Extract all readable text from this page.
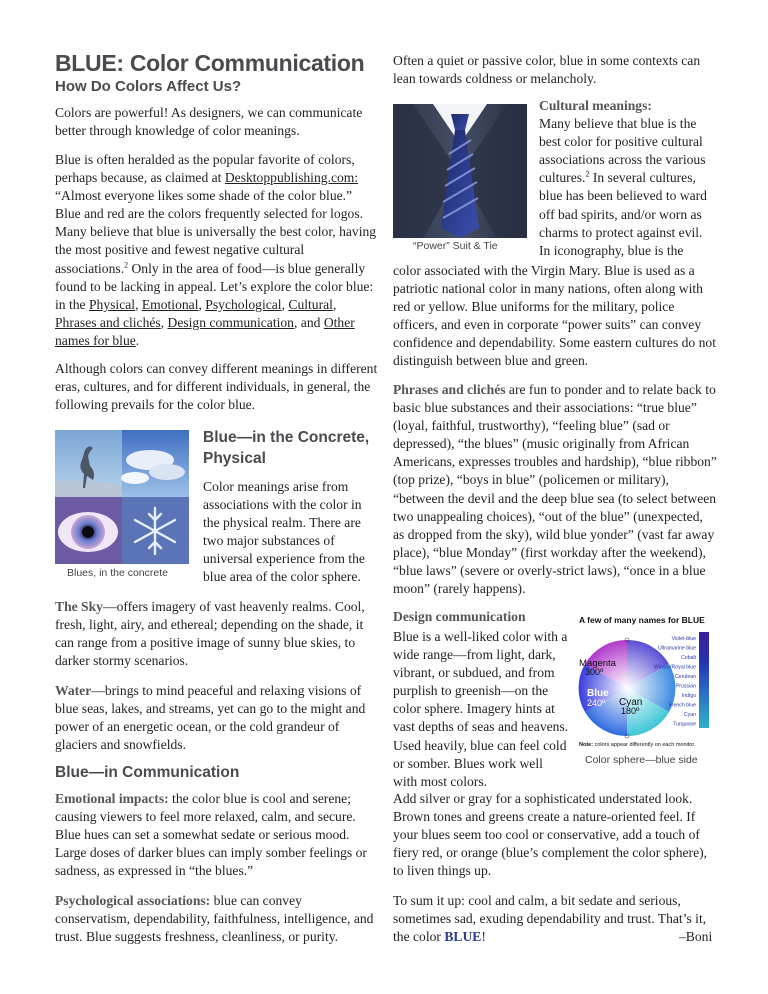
BLUE: Color Communication
How Do Colors Affect Us?

Colors are powerful! As designers, we can communicate better through knowledge of color meanings.

Blue is often heralded as the popular favorite of colors, perhaps because, as claimed at Desktoppublishing.com: “Almost everyone likes some shade of the color blue.” Blue and red are the colors frequently selected for logos. Many believe that blue is universally the best color, having the most positive and fewest negative cultural associations.$^2$ Only in the area of food—is blue generally found to be lacking in appeal. Let’s explore the color blue: in the Physical, Emotional, Psychological, Cultural, Phrases and clichés, Design communication, and Other names for blue.

Although colors can convey different meanings in different eras, cultures, and for different individuals, in general, the following prevails for the color blue.

Blues, in the concrete
Blue—in the Concrete, Physical

Color meanings arise from associations with the color in the physical realm. There are two major substances of universal experience from the blue area of the color sphere.

The Sky—offers imagery of vast heavenly realms. Cool, fresh, light, airy, and ethereal; depending on the shade, it can range from a positive image of sunny blue skies, to darker stormy scenarios.

Water—brings to mind peaceful and relaxing visions of blue seas, lakes, and streams, yet can go to the might and power of an energetic ocean, or the cold grandeur of glaciers and snowfields.

Blue—in Communication

Emotional impacts: the color blue is cool and serene; causing viewers to feel more relaxed, calm, and secure. Blue hues can set a somewhat sedate or serious mood. Large doses of darker blues can imply somber feelings or sadness, as expressed in “the blues.”

Psychological associations: blue can convey conservatism, dependability, faithfulness, intelligence, and trust. Blue suggests freshness, cleanliness, or purity.

Often a quiet or passive color, blue in some contexts can lean towards coldness or melancholy.

“Power” Suit & Tie

Cultural meanings:
Many believe that blue is the best color for positive cultural associations across the various cultures.$^2$ In several cultures, blue has been believed to ward off bad spirits, and/or worn as charms to protect against evil. In iconography, blue is the

color associated with the Virgin Mary. Blue is used as a patriotic national color in many nations, often along with red or yellow. Blue uniforms for the military, police officers, and even in corporate “power suits” can convey confidence and dependability. Some eastern cultures do not distinguish between blue and green.

Phrases and clichés are fun to ponder and to relate back to basic blue substances and their associations: “true blue” (loyal, faithful, trustworthy), “feeling blue” (sad or depressed), “the blues” (music originally from African Americans, expresses troubles and hardship), “blue ribbon” (top prize), “boys in blue” (policemen or military), “between the devil and the deep blue sea (to select between two unappealing choices), “out of the blue” (unexpected, as dropped from the sky), wild blue yonder” (vast far away place), “blue Monday” (first workday after the weekend), “blue laws” (severe or overly-strict laws), “once in a blue moon” (rarely happens).

Design communication

Blue is a well-liked color with a wide range—from light, dark, vibrant, or subdued, and from purplish to greenish—on the color sphere. Imagery hints at vast depths of seas and heavens. Used heavily, blue can feel cold or somber. Blues work well with most colors.

Add silver or gray for a sophisticated understated look. Brown tones and greens create a nature-oriented feel. If your blues seem too cool or conservative, add a touch of fiery red, or orange (blue’s complement the color sphere), to liven things up.

A few of many names for BLUE
Violet-blue
Ultramarine blue
Cobalt
Winsor/Royal blue
Cerulean
Prussian
Indigo
French blue
Cyan
Turquoise
Magenta
300º
Blue
240º Cyan
180º
Note: colors appear differently on each monitor.
Color sphere—blue side

To sum it up: cool and calm, a bit sedate and serious, sometimes sad, exuding dependability and trust. That’s it, the color BLUE!	–Boni
